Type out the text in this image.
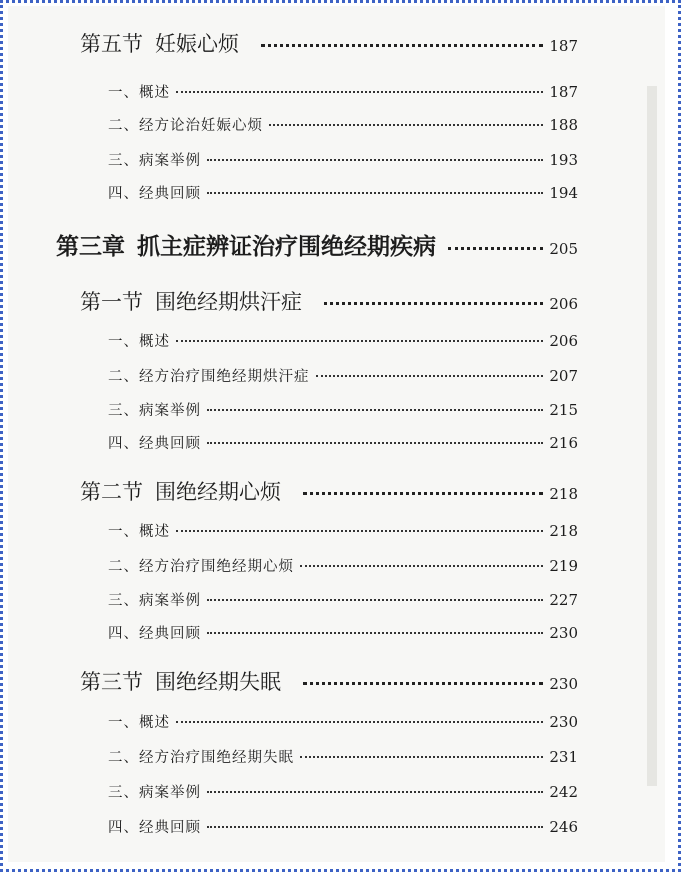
第五节 妊娠心烦	187
一、概述	187
二、经方论治妊娠心烦	188
三、病案举例	193
四、经典回顾	194
第三章 抓主症辨证治疗围绝经期疾病	205
第一节 围绝经期烘汗症	206
一、概述	206
二、经方治疗围绝经期烘汗症	207
三、病案举例	215
四、经典回顾	216
第二节 围绝经期心烦	218
一、概述	218
二、经方治疗围绝经期心烦	219
三、病案举例	227
四、经典回顾	230
第三节 围绝经期失眠	230
一、概述	230
二、经方治疗围绝经期失眠	231
三、病案举例	242
四、经典回顾	246
